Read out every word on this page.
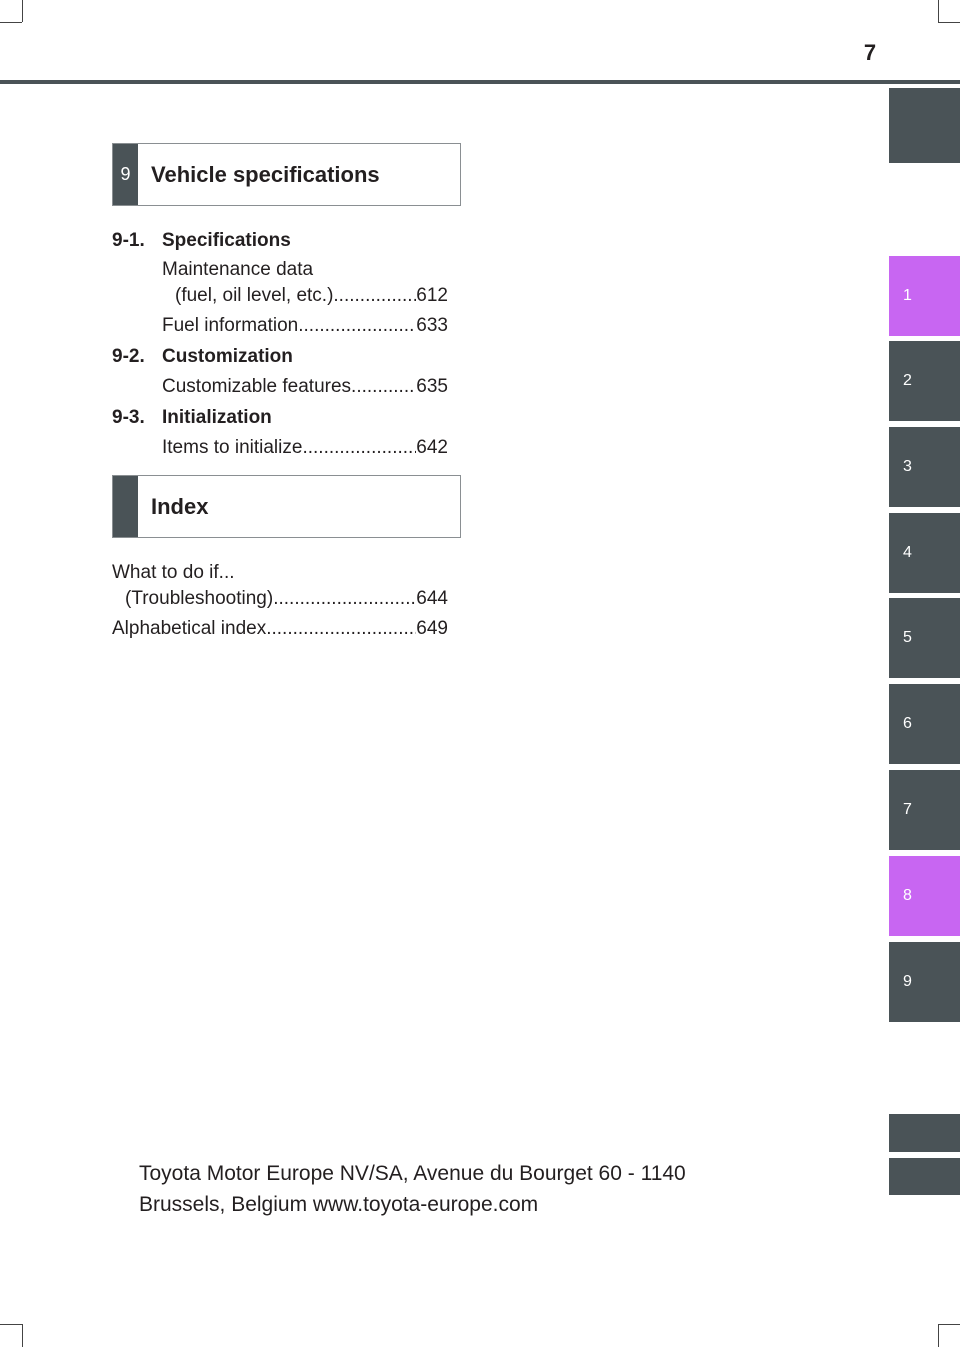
7
1
2
3
4
5
6
7
8
9
9 Vehicle specifications
9-1. Specifications
Maintenance data
(fuel, oil level, etc.) .....	612
Fuel information .....	633
9-2. Customization
Customizable features .....	635
9-3. Initialization
Items to initialize .....	642
Index
What to do if...
(Troubleshooting) .....	644
Alphabetical index .....	649
Toyota Motor Europe NV/SA, Avenue du Bourget 60 - 1140
Brussels, Belgium www.toyota-europe.com
